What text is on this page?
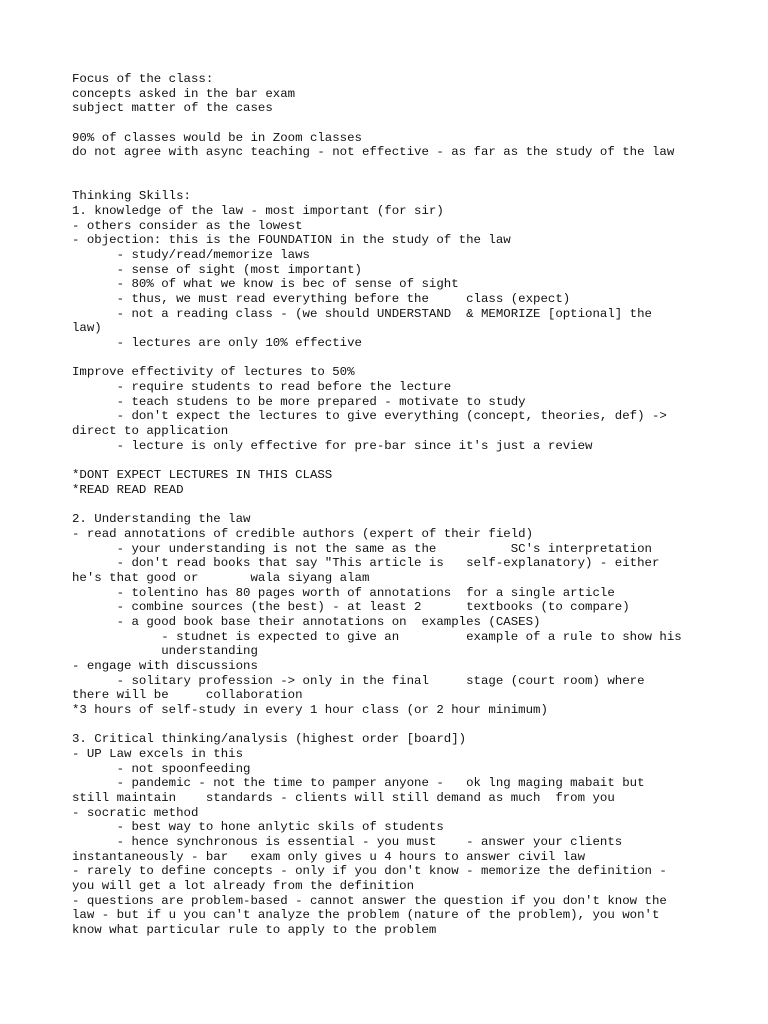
Focus of the class:
concepts asked in the bar exam
subject matter of the cases
90% of classes would be in Zoom classes
do not agree with async teaching - not effective - as far as the study of the law
Thinking Skills:
1. knowledge of the law - most important (for sir)
- others consider as the lowest
- objection: this is the FOUNDATION in the study of the law
- study/read/memorize laws
- sense of sight (most important)
- 80% of what we know is bec of sense of sight
- thus, we must read everything before the     class (expect)
- not a reading class - (we should UNDERSTAND  & MEMORIZE [optional] the
law)
- lectures are only 10% effective
Improve effectivity of lectures to 50%
- require students to read before the lecture
- teach studens to be more prepared - motivate to study
- don't expect the lectures to give everything (concept, theories, def) ->
direct to application
- lecture is only effective for pre-bar since it's just a review
*DONT EXPECT LECTURES IN THIS CLASS
*READ READ READ
2. Understanding the law
- read annotations of credible authors (expert of their field)
- your understanding is not the same as the          SC's interpretation
- don't read books that say "This article is   self-explanatory) - either
he's that good or       wala siyang alam
- tolentino has 80 pages worth of annotations  for a single article
- combine sources (the best) - at least 2      textbooks (to compare)
- a good book base their annotations on  examples (CASES)
- studnet is expected to give an         example of a rule to show his
understanding
- engage with discussions
- solitary profession -> only in the final     stage (court room) where
there will be     collaboration
*3 hours of self-study in every 1 hour class (or 2 hour minimum)
3. Critical thinking/analysis (highest order [board])
- UP Law excels in this
- not spoonfeeding
- pandemic - not the time to pamper anyone -   ok lng maging mabait but
still maintain    standards - clients will still demand as much  from you
- socratic method
- best way to hone anlytic skils of students
- hence synchronous is essential - you must    - answer your clients
instantaneously - bar   exam only gives u 4 hours to answer civil law
- rarely to define concepts - only if you don't know - memorize the definition -
you will get a lot already from the definition
- questions are problem-based - cannot answer the question if you don't know the
law - but if u you can't analyze the problem (nature of the problem), you won't
know what particular rule to apply to the problem
